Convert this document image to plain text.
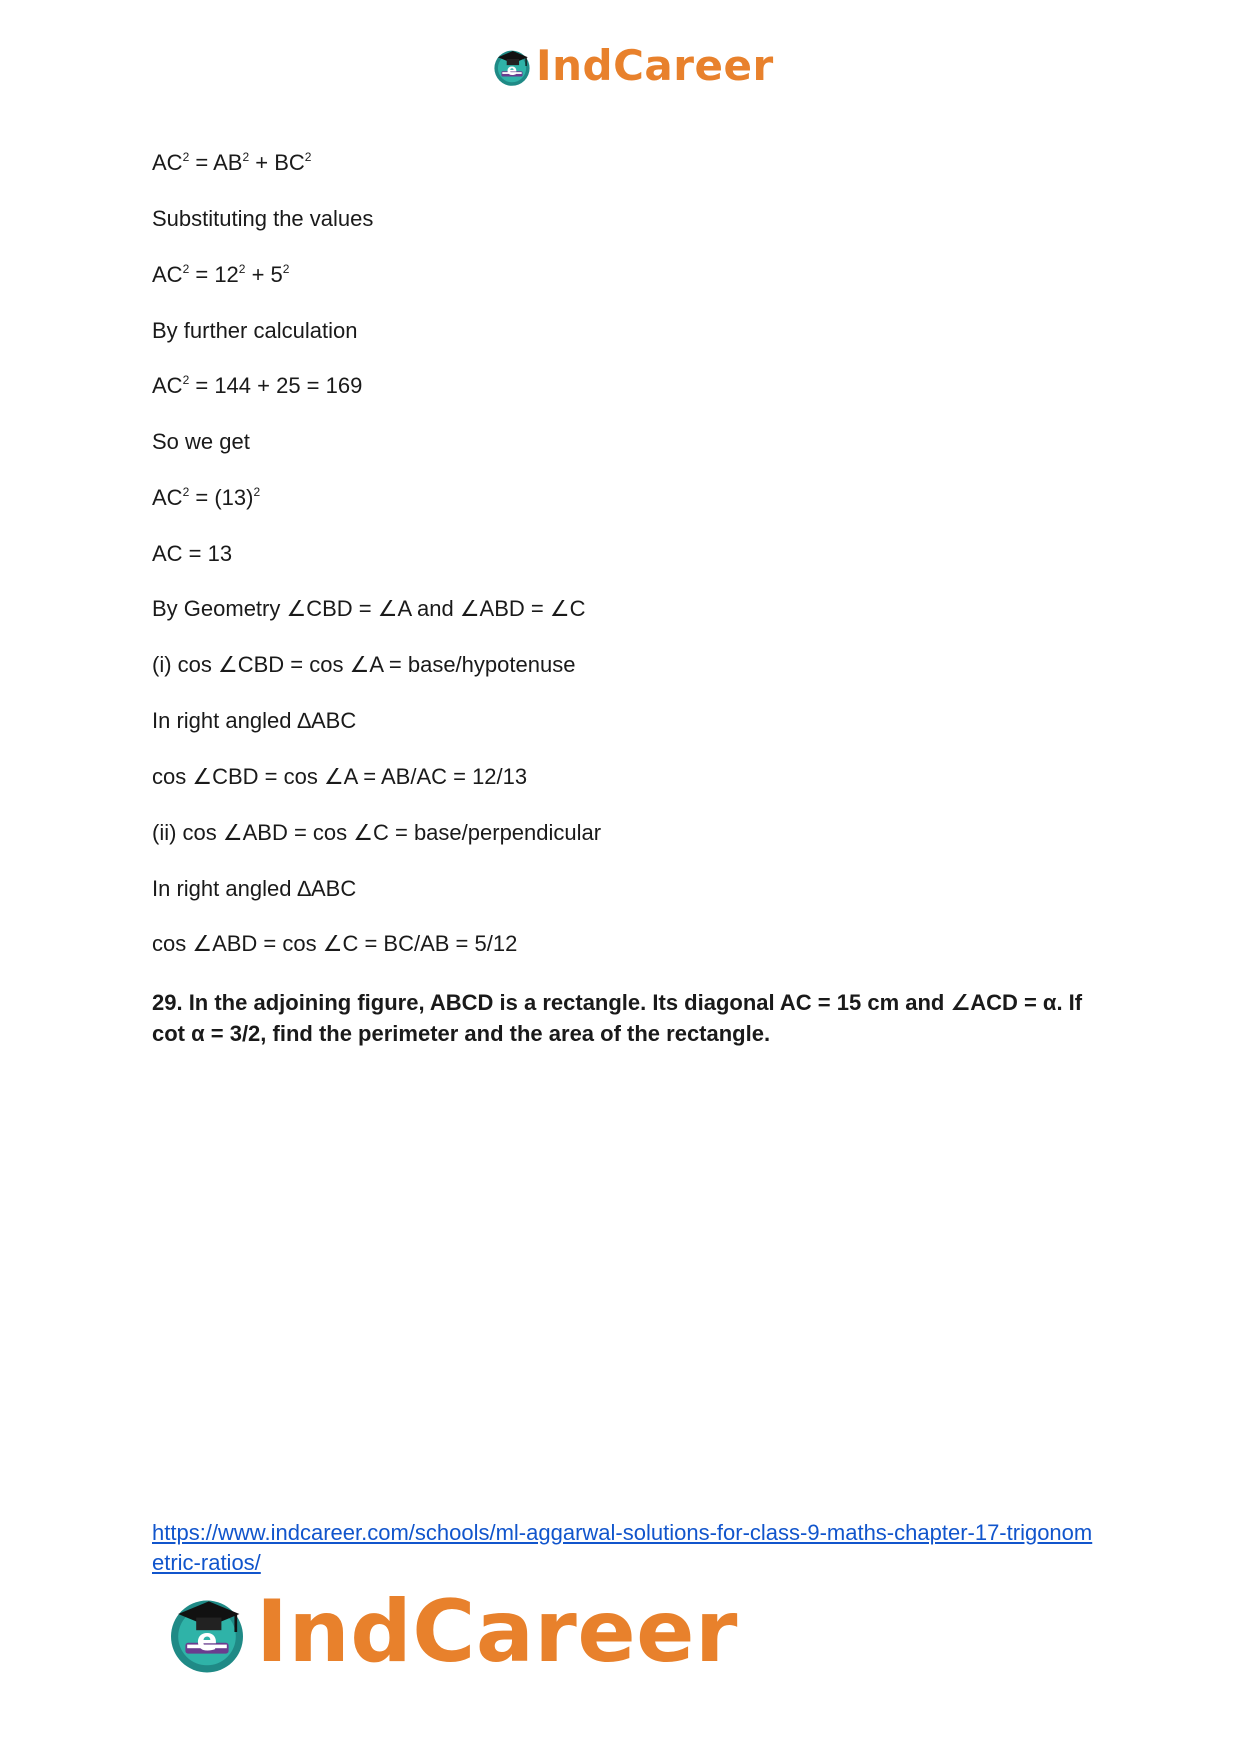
e IndCareer
$AC^2 = AB^2 + BC^2$
Substituting the values
$AC^2 = 12^2 + 5^2$
By further calculation
$AC^2 = 144 + 25 = 169$
So we get
$AC^2 = (13)^2$
AC = 13
By Geometry ∠CBD = ∠A and ∠ABD = ∠C
(i) cos ∠CBD = cos ∠A = base/hypotenuse
In right angled ∆ABC
cos ∠CBD = cos ∠A = AB/AC = 12/13
(ii) cos ∠ABD = cos ∠C = base/perpendicular
In right angled ∆ABC
cos ∠ABD = cos ∠C = BC/AB = 5/12
29. In the adjoining figure, ABCD is a rectangle. Its diagonal AC = 15 cm and ∠ACD = α. If cot α = 3/2, find the perimeter and the area of the rectangle.
https://www.indcareer.com/schools/ml-aggarwal-solutions-for-class-9-maths-chapter-17-trigonometric-ratios/
e IndCareer
